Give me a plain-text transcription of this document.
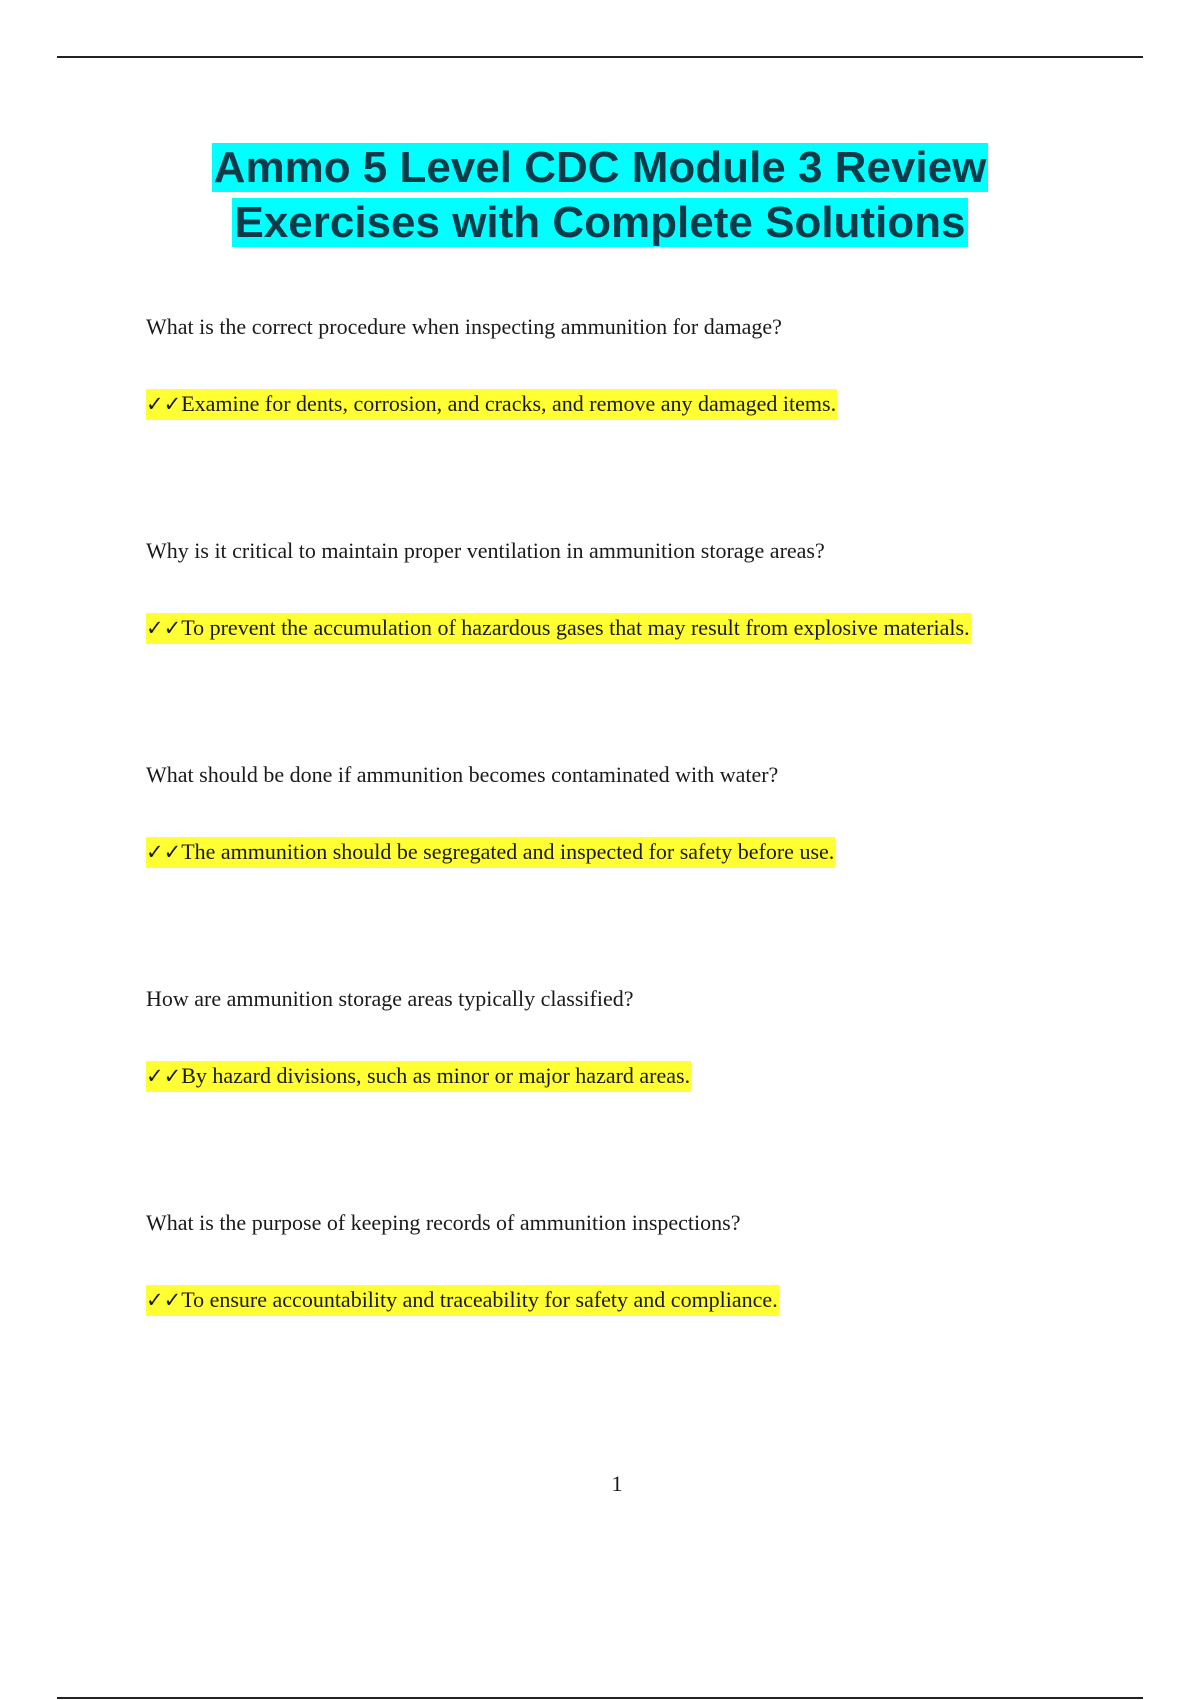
Ammo 5 Level CDC Module 3 Review
Exercises with Complete Solutions

What is the correct procedure when inspecting ammunition for damage?

✓✓Examine for dents, corrosion, and cracks, and remove any damaged items.

Why is it critical to maintain proper ventilation in ammunition storage areas?

✓✓To prevent the accumulation of hazardous gases that may result from explosive materials.

What should be done if ammunition becomes contaminated with water?

✓✓The ammunition should be segregated and inspected for safety before use.

How are ammunition storage areas typically classified?

✓✓By hazard divisions, such as minor or major hazard areas.

What is the purpose of keeping records of ammunition inspections?

✓✓To ensure accountability and traceability for safety and compliance.

1
